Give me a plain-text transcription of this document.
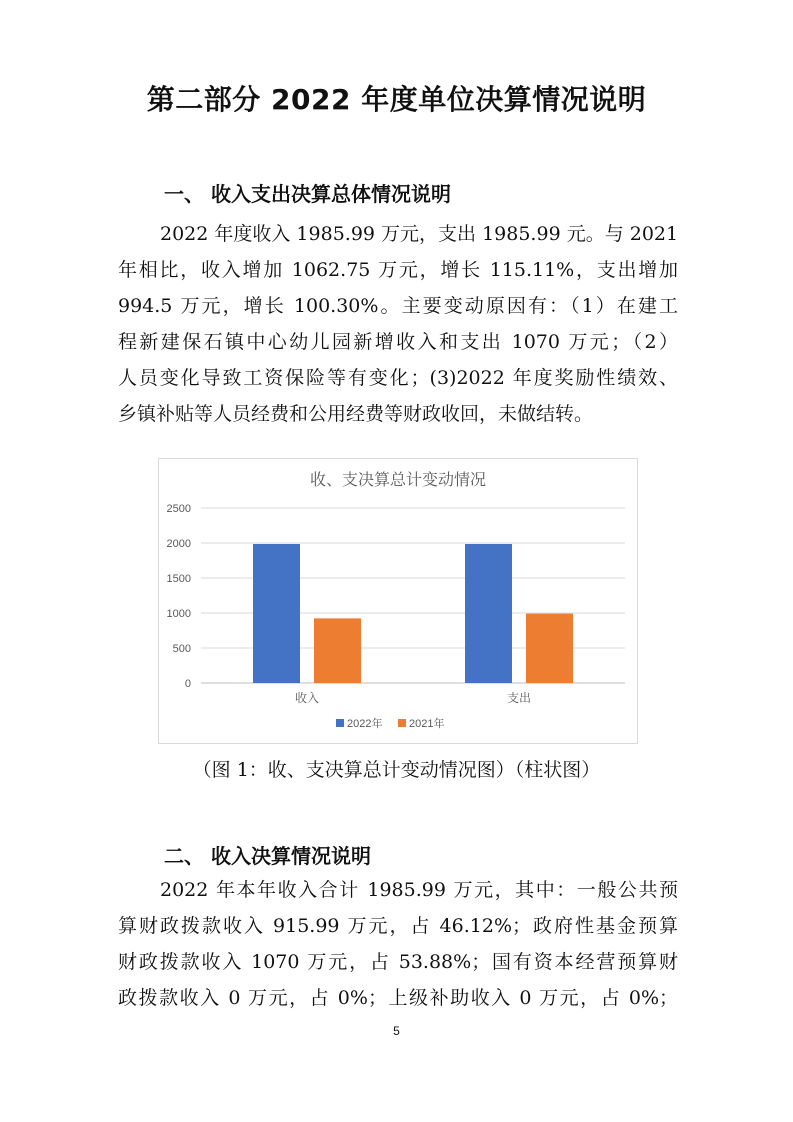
第二部分 2022 年度单位决算情况说明
一、 收入支出决算总体情况说明
2022 年度收入 1985.99 万元，支出 1985.99 元。与 2021
年相比，收入增加 1062.75 万元，增长 115.11%，支出增加
994.5 万元，增长 100.30%。主要变动原因有：（1）在建工
程新建保石镇中心幼儿园新增收入和支出 1070 万元；（2）
人员变化导致工资保险等有变化；(3)2022 年度奖励性绩效、
乡镇补贴等人员经费和公用经费等财政收回，未做结转。
收、支决算总计变动情况
0
500
1000
1500
2000
2500
收入	支出
2022年 2021年
（图 1：收、支决算总计变动情况图）（柱状图）
二、 收入决算情况说明
2022 年本年收入合计 1985.99 万元，其中：一般公共预
算财政拨款收入 915.99 万元，占 46.12%；政府性基金预算
财政拨款收入 1070 万元，占 53.88%；国有资本经营预算财
政拨款收入 0 万元，占 0%；上级补助收入 0 万元，占 0%；
5
